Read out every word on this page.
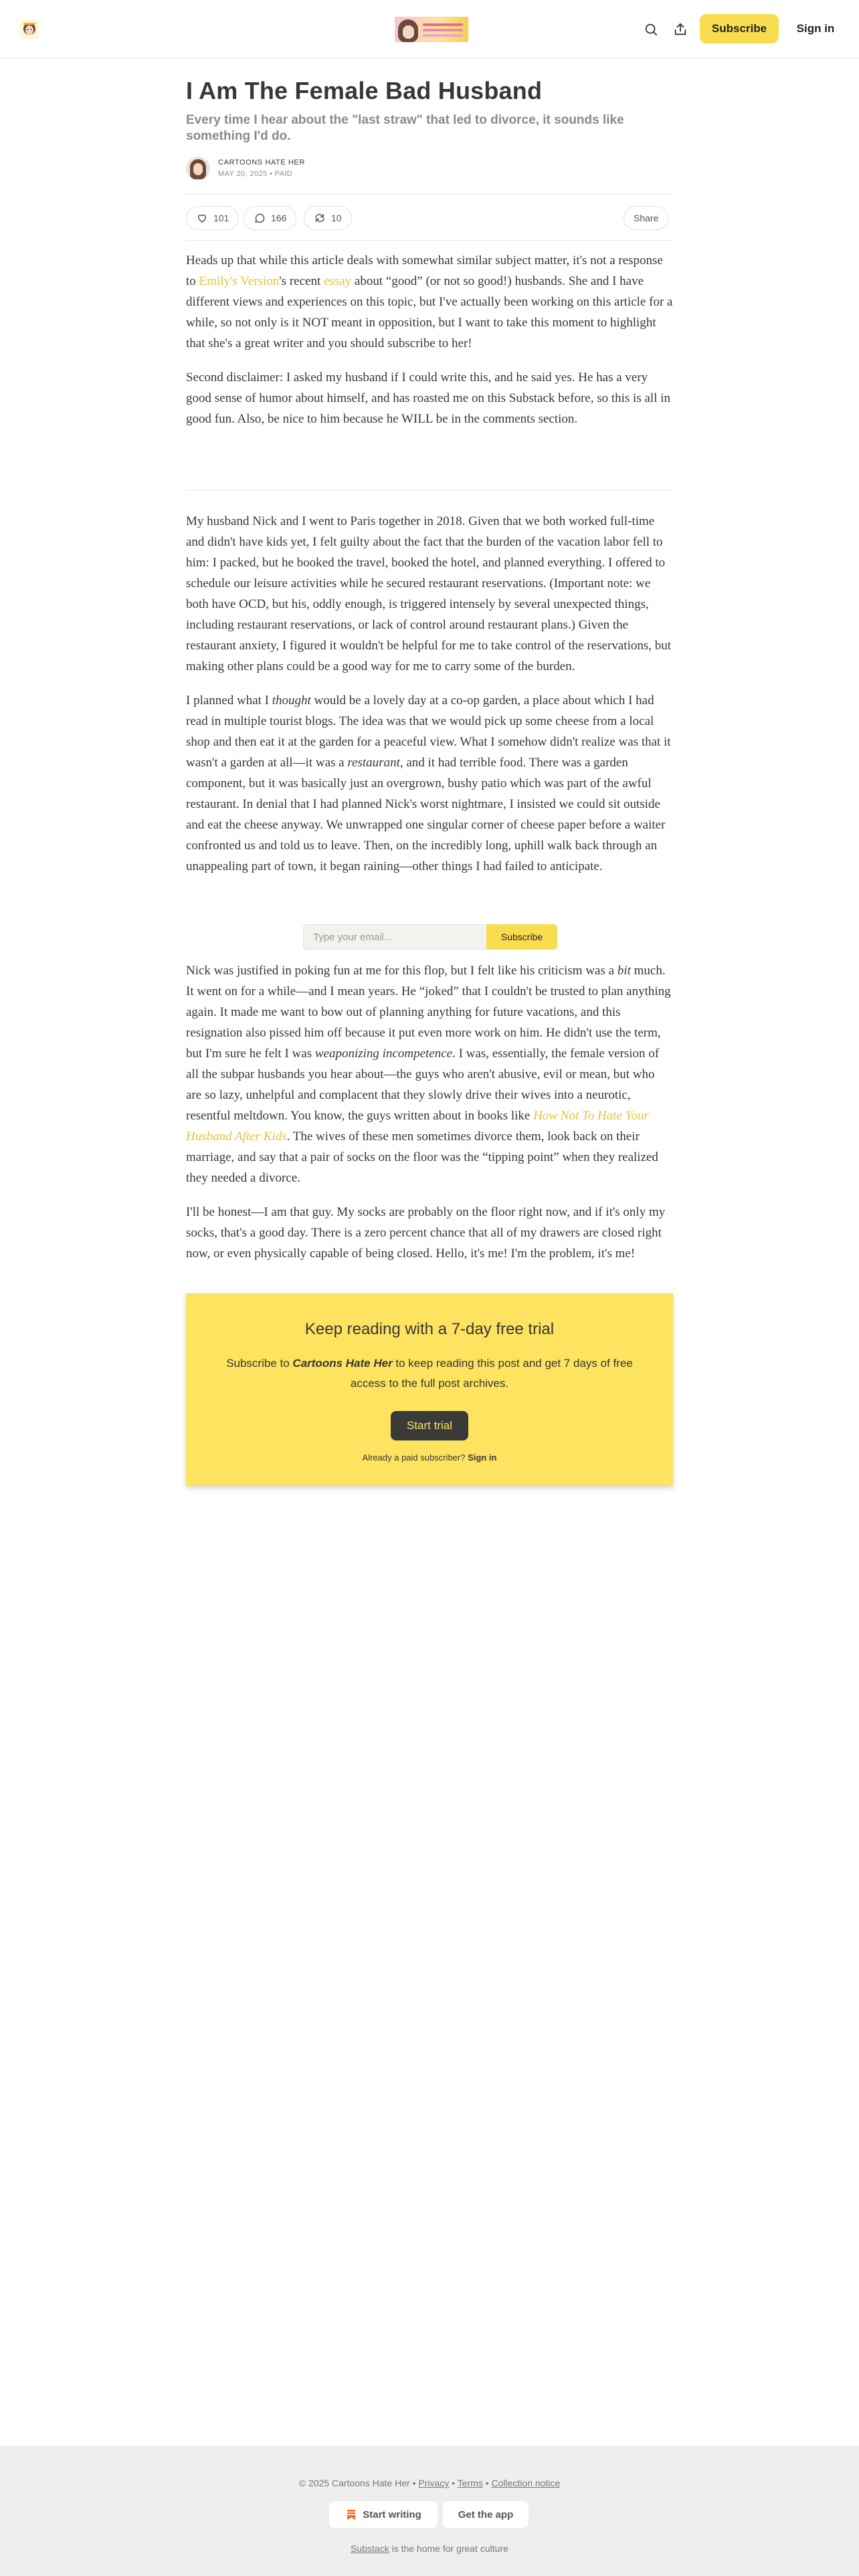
Subscribe	Sign in
I Am The Female Bad Husband
Every time I hear about the "last straw" that led to divorce, it sounds like something I'd do.
CARTOONS HATE HER
MAY 20, 2025 • PAID
101	166	10	Share

Heads up that while this article deals with somewhat similar subject matter, it's not a response to Emily's Version's recent essay about “good” (or not so good!) husbands. She and I have different views and experiences on this topic, but I've actually been working on this article for a while, so not only is it NOT meant in opposition, but I want to take this moment to highlight that she's a great writer and you should subscribe to her!

Second disclaimer: I asked my husband if I could write this, and he said yes. He has a very good sense of humor about himself, and has roasted me on this Substack before, so this is all in good fun. Also, be nice to him because he WILL be in the comments section.

My husband Nick and I went to Paris together in 2018. Given that we both worked full-time and didn't have kids yet, I felt guilty about the fact that the burden of the vacation labor fell to him: I packed, but he booked the travel, booked the hotel, and planned everything. I offered to schedule our leisure activities while he secured restaurant reservations. (Important note: we both have OCD, but his, oddly enough, is triggered intensely by several unexpected things, including restaurant reservations, or lack of control around restaurant plans.) Given the restaurant anxiety, I figured it wouldn't be helpful for me to take control of the reservations, but making other plans could be a good way for me to carry some of the burden.

I planned what I thought would be a lovely day at a co-op garden, a place about which I had read in multiple tourist blogs. The idea was that we would pick up some cheese from a local shop and then eat it at the garden for a peaceful view. What I somehow didn't realize was that it wasn't a garden at all—it was a restaurant, and it had terrible food. There was a garden component, but it was basically just an overgrown, bushy patio which was part of the awful restaurant. In denial that I had planned Nick's worst nightmare, I insisted we could sit outside and eat the cheese anyway. We unwrapped one singular corner of cheese paper before a waiter confronted us and told us to leave. Then, on the incredibly long, uphill walk back through an unappealing part of town, it began raining—other things I had failed to anticipate.

Type your email...	Subscribe

Nick was justified in poking fun at me for this flop, but I felt like his criticism was a bit much. It went on for a while—and I mean years. He “joked” that I couldn't be trusted to plan anything again. It made me want to bow out of planning anything for future vacations, and this resignation also pissed him off because it put even more work on him. He didn't use the term, but I'm sure he felt I was weaponizing incompetence. I was, essentially, the female version of all the subpar husbands you hear about—the guys who aren't abusive, evil or mean, but who are so lazy, unhelpful and complacent that they slowly drive their wives into a neurotic, resentful meltdown. You know, the guys written about in books like How Not To Hate Your Husband After Kids. The wives of these men sometimes divorce them, look back on their marriage, and say that a pair of socks on the floor was the “tipping point” when they realized they needed a divorce.

I'll be honest—I am that guy. My socks are probably on the floor right now, and if it's only my socks, that's a good day. There is a zero percent chance that all of my drawers are closed right now, or even physically capable of being closed. Hello, it's me! I'm the problem, it's me!

Keep reading with a 7-day free trial
Subscribe to Cartoons Hate Her to keep reading this post and get 7 days of free access to the full post archives.
Start trial
Already a paid subscriber? Sign in
© 2025 Cartoons Hate Her • Privacy • Terms • Collection notice
Start writing	Get the app
Substack is the home for great culture
